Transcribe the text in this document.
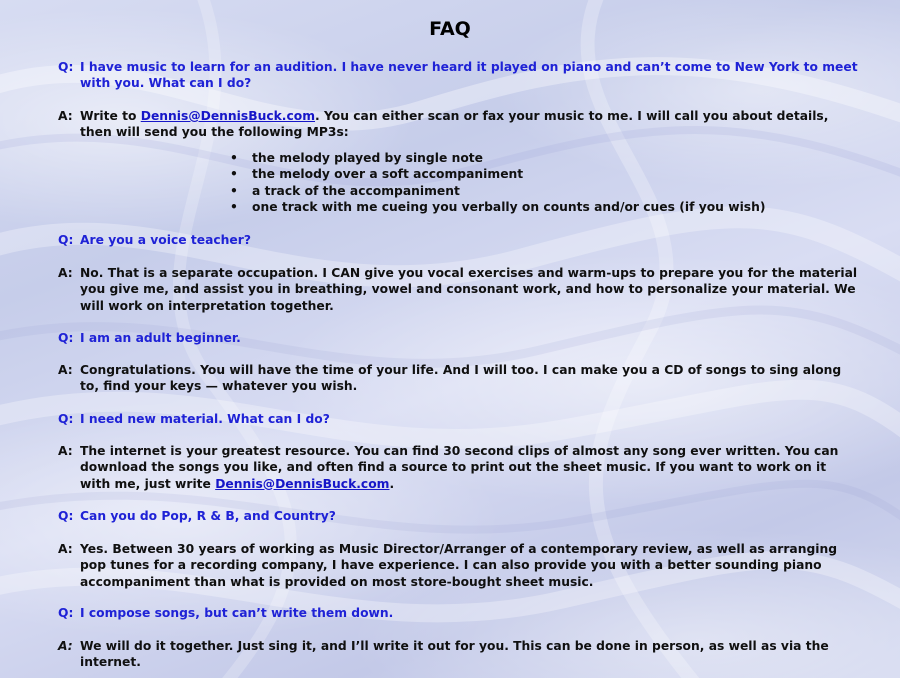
FAQ
Q: I have music to learn for an audition. I have never heard it played on piano and can’t come to New York to meet with you. What can I do?
A: Write to Dennis@DennisBuck.com. You can either scan or fax your music to me. I will call you about details, then will send you the following MP3s:
• the melody played by single note
• the melody over a soft accompaniment
• a track of the accompaniment
• one track with me cueing you verbally on counts and/or cues (if you wish)
Q: Are you a voice teacher?
A: No. That is a separate occupation. I CAN give you vocal exercises and warm-ups to prepare you for the material you give me, and assist you in breathing, vowel and consonant work, and how to personalize your material. We will work on interpretation together.
Q: I am an adult beginner.
A: Congratulations. You will have the time of your life. And I will too. I can make you a CD of songs to sing along to, find your keys — whatever you wish.
Q: I need new material. What can I do?
A: The internet is your greatest resource. You can find 30 second clips of almost any song ever written. You can download the songs you like, and often find a source to print out the sheet music. If you want to work on it with me, just write Dennis@DennisBuck.com.
Q: Can you do Pop, R & B, and Country?
A: Yes. Between 30 years of working as Music Director/Arranger of a contemporary review, as well as arranging pop tunes for a recording company, I have experience. I can also provide you with a better sounding piano accompaniment than what is provided on most store-bought sheet music.
Q: I compose songs, but can’t write them down.
A: We will do it together. Just sing it, and I’ll write it out for you. This can be done in person, as well as via the internet.
